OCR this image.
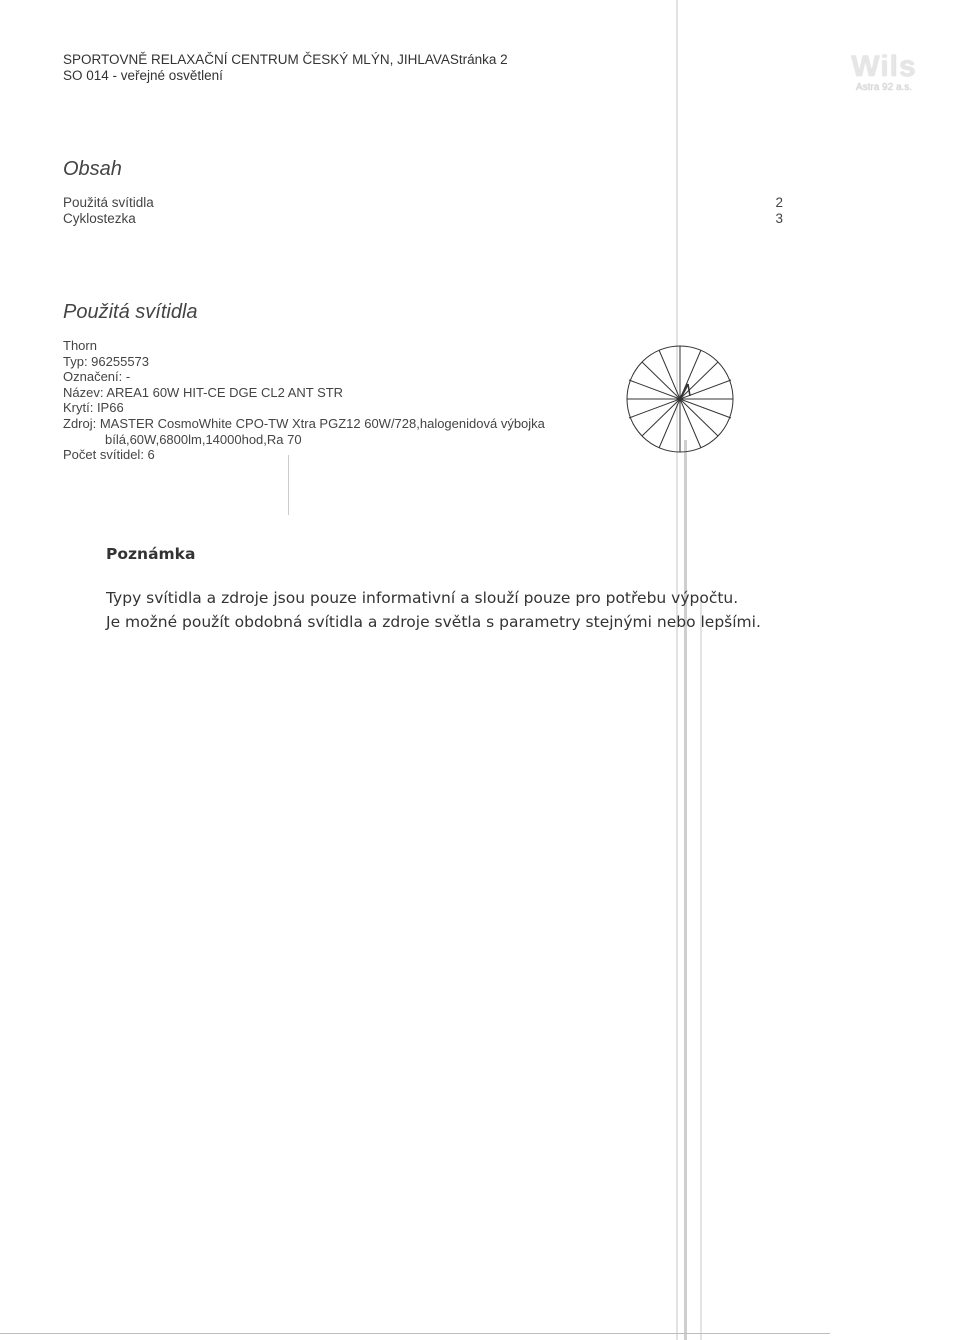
SPORTOVNĚ RELAXAČNÍ CENTRUM ČESKÝ MLÝN, JIHLAVAStránka 2
SO 014 - veřejné osvětlení	Wils
Astra 92 a.s.
Obsah
Použitá svítidla	2
Cyklostezka	3
Použitá svítidla
Thorn
Typ: 96255573
Označení: -
Název: AREA1 60W HIT-CE DGE CL2 ANT STR
Krytí: IP66
Zdroj: MASTER CosmoWhite CPO-TW Xtra PGZ12 60W/728,halogenidová výbojka
bílá,60W,6800lm,14000hod,Ra 70
Počet svítidel: 6
Poznámka
Typy svítidla a zdroje jsou pouze informativní a slouží pouze pro potřebu výpočtu.
Je možné použít obdobná svítidla a zdroje světla s parametry stejnými nebo lepšími.
